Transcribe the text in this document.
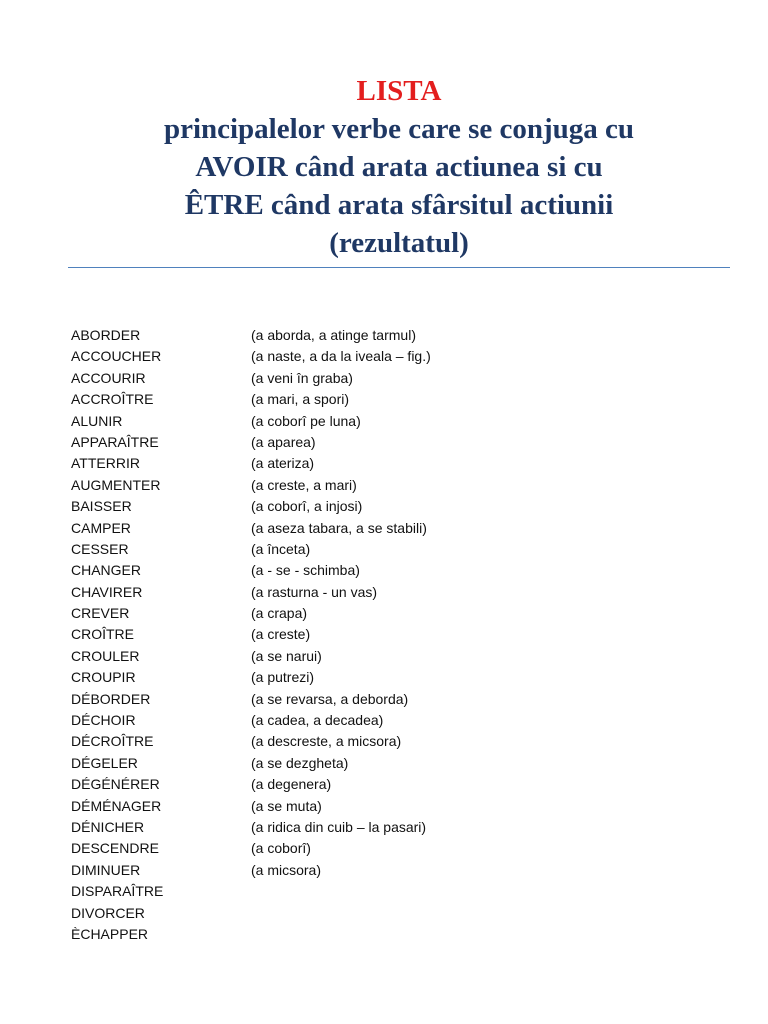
LISTA
principalelor verbe care se conjuga cu
AVOIR când arata actiunea si cu
ÊTRE când arata sfârsitul actiunii
(rezultatul)
ABORDER	(a aborda, a atinge tarmul)
ACCOUCHER	(a naste, a da la iveala – fig.)
ACCOURIR	(a veni în graba)
ACCROÎTRE	(a mari, a spori)
ALUNIR	(a coborî pe luna)
APPARAÎTRE	(a aparea)
ATTERRIR	(a ateriza)
AUGMENTER	(a creste, a mari)
BAISSER	(a coborî, a injosi)
CAMPER	(a aseza tabara, a se stabili)
CESSER	(a înceta)
CHANGER	(a - se - schimba)
CHAVIRER	(a rasturna - un vas)
CREVER	(a crapa)
CROÎTRE	(a creste)
CROULER	(a se narui)
CROUPIR	(a putrezi)
DÉBORDER	(a se revarsa, a deborda)
DÉCHOIR	(a cadea, a decadea)
DÉCROÎTRE	(a descreste, a micsora)
DÉGELER	(a se dezgheta)
DÉGÉNÉRER	(a degenera)
DÉMÉNAGER	(a se muta)
DÉNICHER	(a ridica din cuib – la pasari)
DESCENDRE	(a coborî)
DIMINUER	(a micsora)
DISPARAÎTRE
DIVORCER
ÈCHAPPER
